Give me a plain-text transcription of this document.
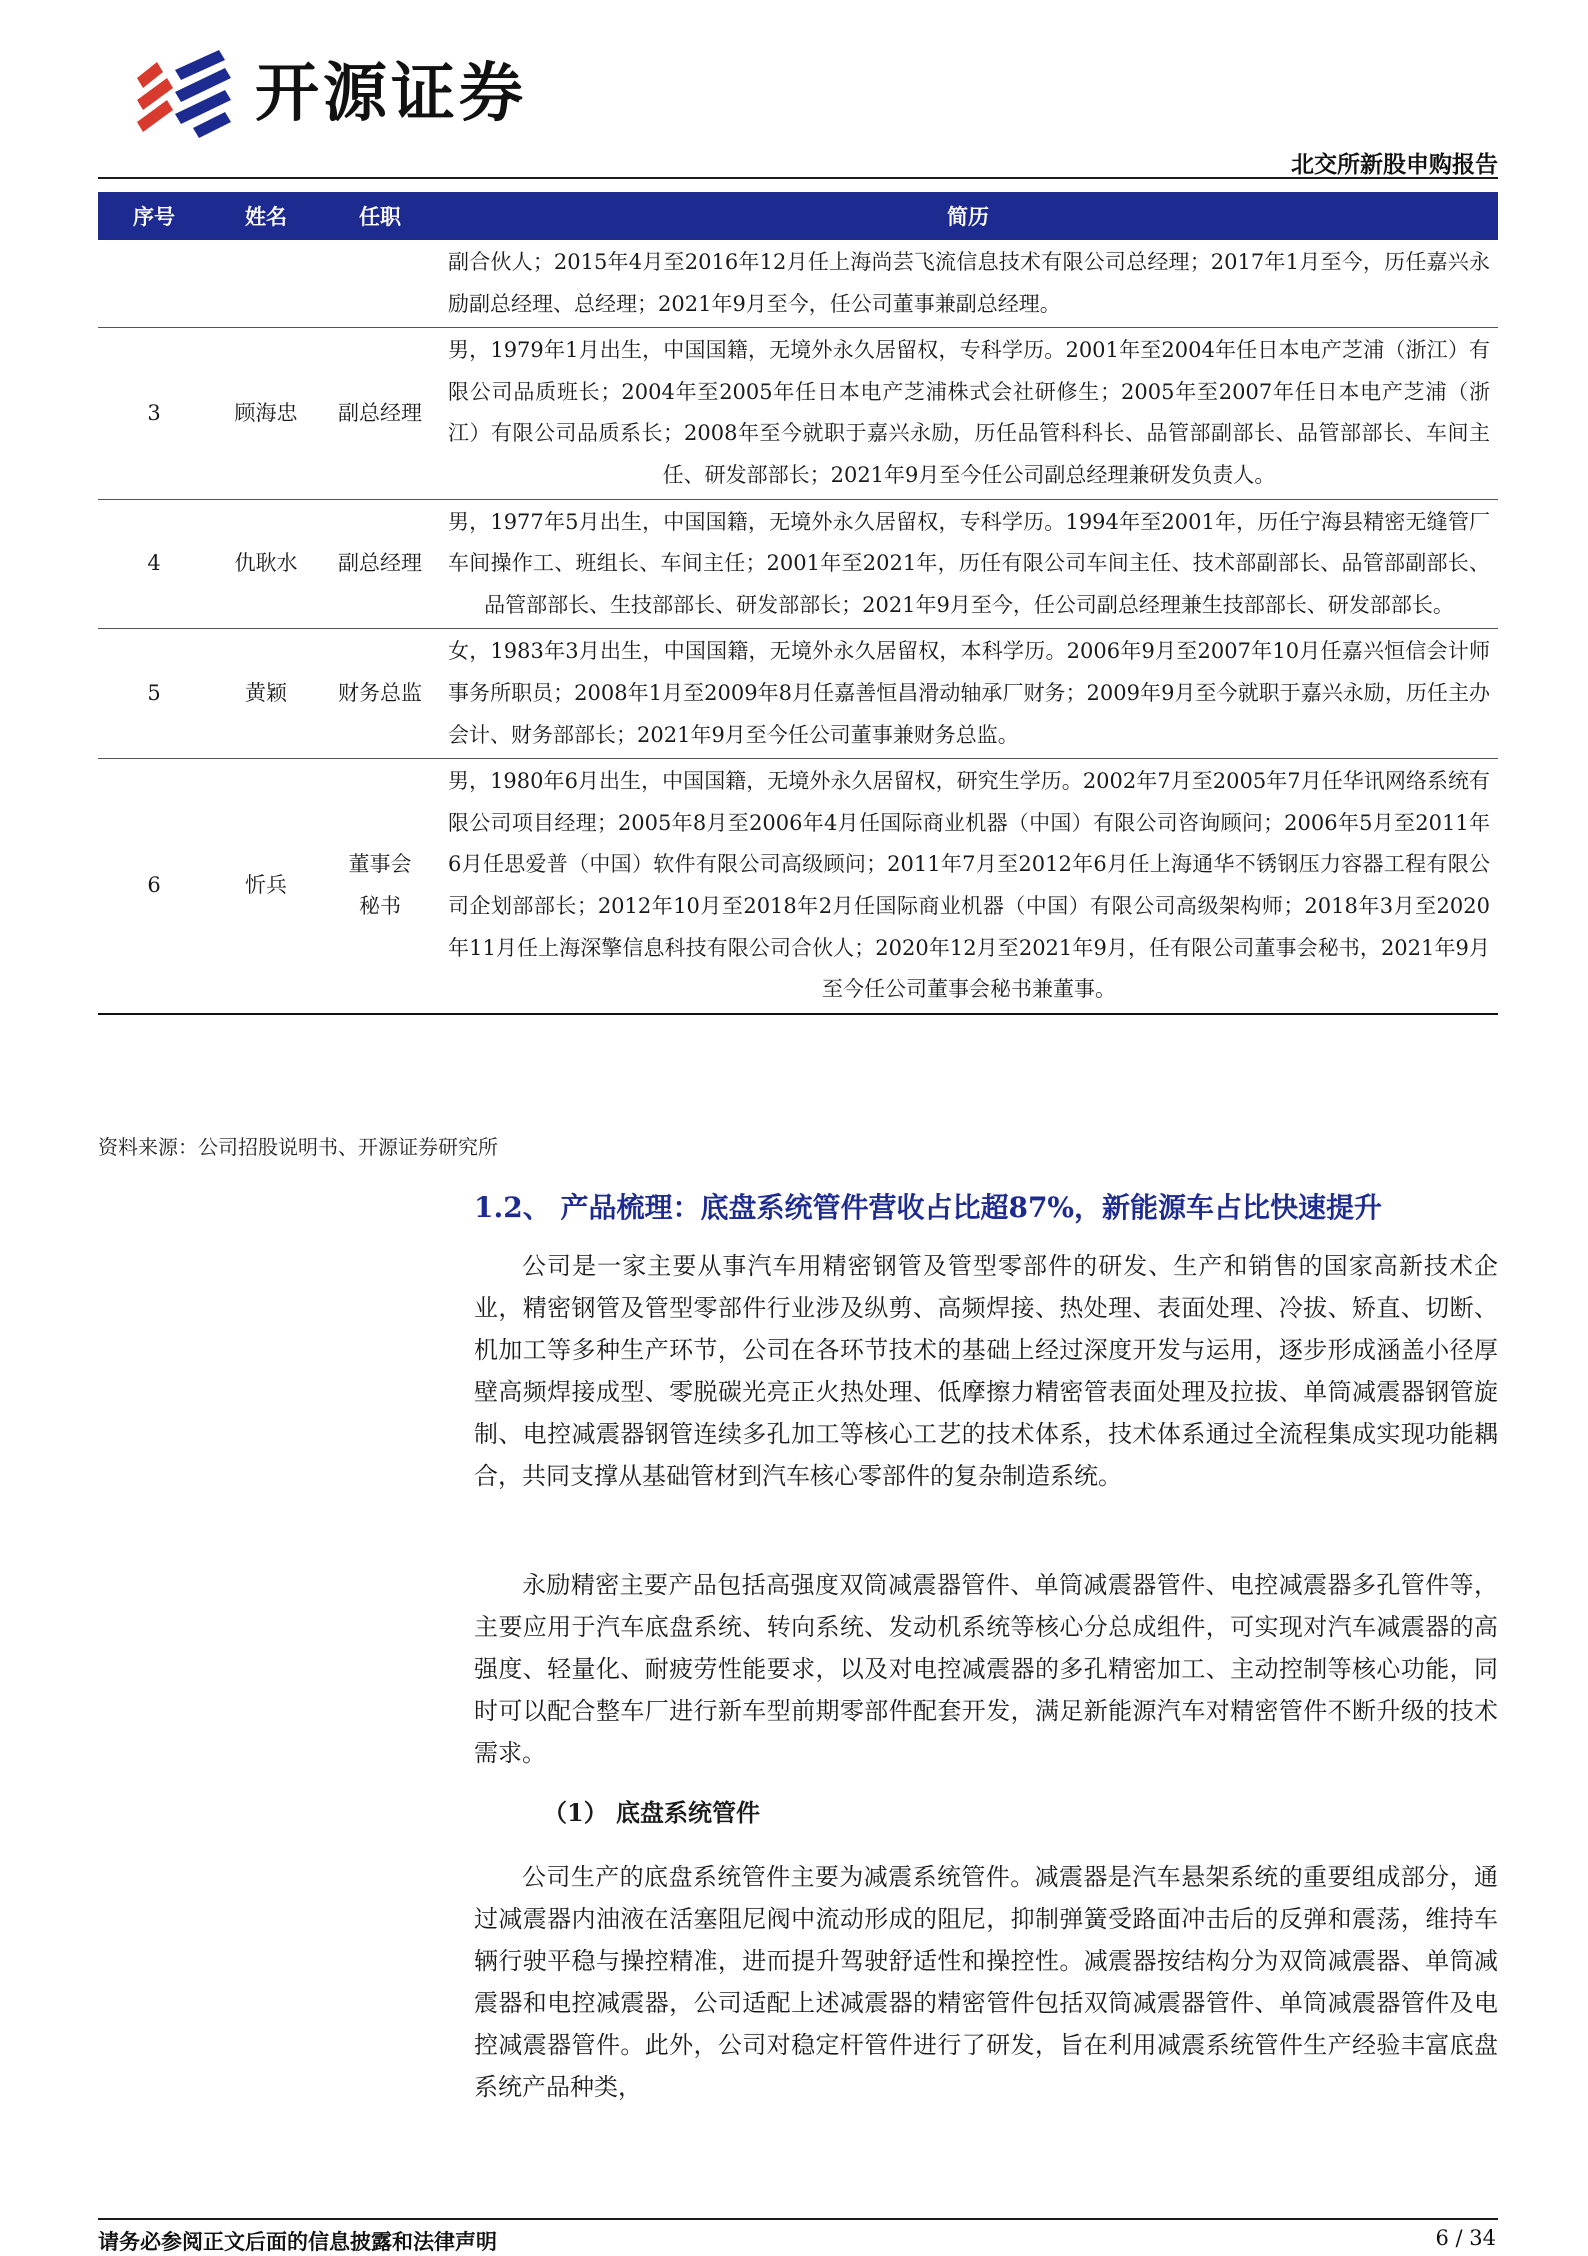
开源证券
北交所新股申购报告
序号	姓名	任职	简历
			副合伙人；2015年4月至2016年12月任上海尚芸飞流信息技术有限公司总经理；2017年1月至今，历任嘉兴永励副总经理、总经理；2021年9月至今，任公司董事兼副总经理。
3	顾海忠	副总经理	男，1979年1月出生，中国国籍，无境外永久居留权，专科学历。2001年至2004年任日本电产芝浦（浙江）有限公司品质班长；2004年至2005年任日本电产芝浦株式会社研修生；2005年至2007年任日本电产芝浦（浙江）有限公司品质系长；2008年至今就职于嘉兴永励，历任品管科科长、品管部副部长、品管部部长、车间主任、研发部部长；2021年9月至今任公司副总经理兼研发负责人。
4	仇耿水	副总经理	男，1977年5月出生，中国国籍，无境外永久居留权，专科学历。1994年至2001年，历任宁海县精密无缝管厂车间操作工、班组长、车间主任；2001年至2021年，历任有限公司车间主任、技术部副部长、品管部副部长、品管部部长、生技部部长、研发部部长；2021年9月至今，任公司副总经理兼生技部部长、研发部部长。
5	黄颖	财务总监	女，1983年3月出生，中国国籍，无境外永久居留权，本科学历。2006年9月至2007年10月任嘉兴恒信会计师事务所职员；2008年1月至2009年8月任嘉善恒昌滑动轴承厂财务；2009年9月至今就职于嘉兴永励，历任主办会计、财务部部长；2021年9月至今任公司董事兼财务总监。
6	忻兵	董事会秘书	男，1980年6月出生，中国国籍，无境外永久居留权，研究生学历。2002年7月至2005年7月任华讯网络系统有限公司项目经理；2005年8月至2006年4月任国际商业机器（中国）有限公司咨询顾问；2006年5月至2011年6月任思爱普（中国）软件有限公司高级顾问；2011年7月至2012年6月任上海通华不锈钢压力容器工程有限公司企划部部长；2012年10月至2018年2月任国际商业机器（中国）有限公司高级架构师；2018年3月至2020年11月任上海深擎信息科技有限公司合伙人；2020年12月至2021年9月，任有限公司董事会秘书，2021年9月至今任公司董事会秘书兼董事。
资料来源：公司招股说明书、开源证券研究所
1.2、 产品梳理：底盘系统管件营收占比超87%，新能源车占比快速提升

公司是一家主要从事汽车用精密钢管及管型零部件的研发、生产和销售的国家高新技术企业，精密钢管及管型零部件行业涉及纵剪、高频焊接、热处理、表面处理、冷拔、矫直、切断、机加工等多种生产环节，公司在各环节技术的基础上经过深度开发与运用，逐步形成涵盖小径厚壁高频焊接成型、零脱碳光亮正火热处理、低摩擦力精密管表面处理及拉拔、单筒减震器钢管旋制、电控减震器钢管连续多孔加工等核心工艺的技术体系，技术体系通过全流程集成实现功能耦合，共同支撑从基础管材到汽车核心零部件的复杂制造系统。

永励精密主要产品包括高强度双筒减震器管件、单筒减震器管件、电控减震器多孔管件等，主要应用于汽车底盘系统、转向系统、发动机系统等核心分总成组件，可实现对汽车减震器的高强度、轻量化、耐疲劳性能要求，以及对电控减震器的多孔精密加工、主动控制等核心功能，同时可以配合整车厂进行新车型前期零部件配套开发，满足新能源汽车对精密管件不断升级的技术需求。

（1） 底盘系统管件

公司生产的底盘系统管件主要为减震系统管件。减震器是汽车悬架系统的重要组成部分，通过减震器内油液在活塞阻尼阀中流动形成的阻尼，抑制弹簧受路面冲击后的反弹和震荡，维持车辆行驶平稳与操控精准，进而提升驾驶舒适性和操控性。减震器按结构分为双筒减震器、单筒减震器和电控减震器，公司适配上述减震器的精密管件包括双筒减震器管件、单筒减震器管件及电控减震器管件。此外，公司对稳定杆管件进行了研发，旨在利用减震系统管件生产经验丰富底盘系统产品种类，

请务必参阅正文后面的信息披露和法律声明	6 / 34
